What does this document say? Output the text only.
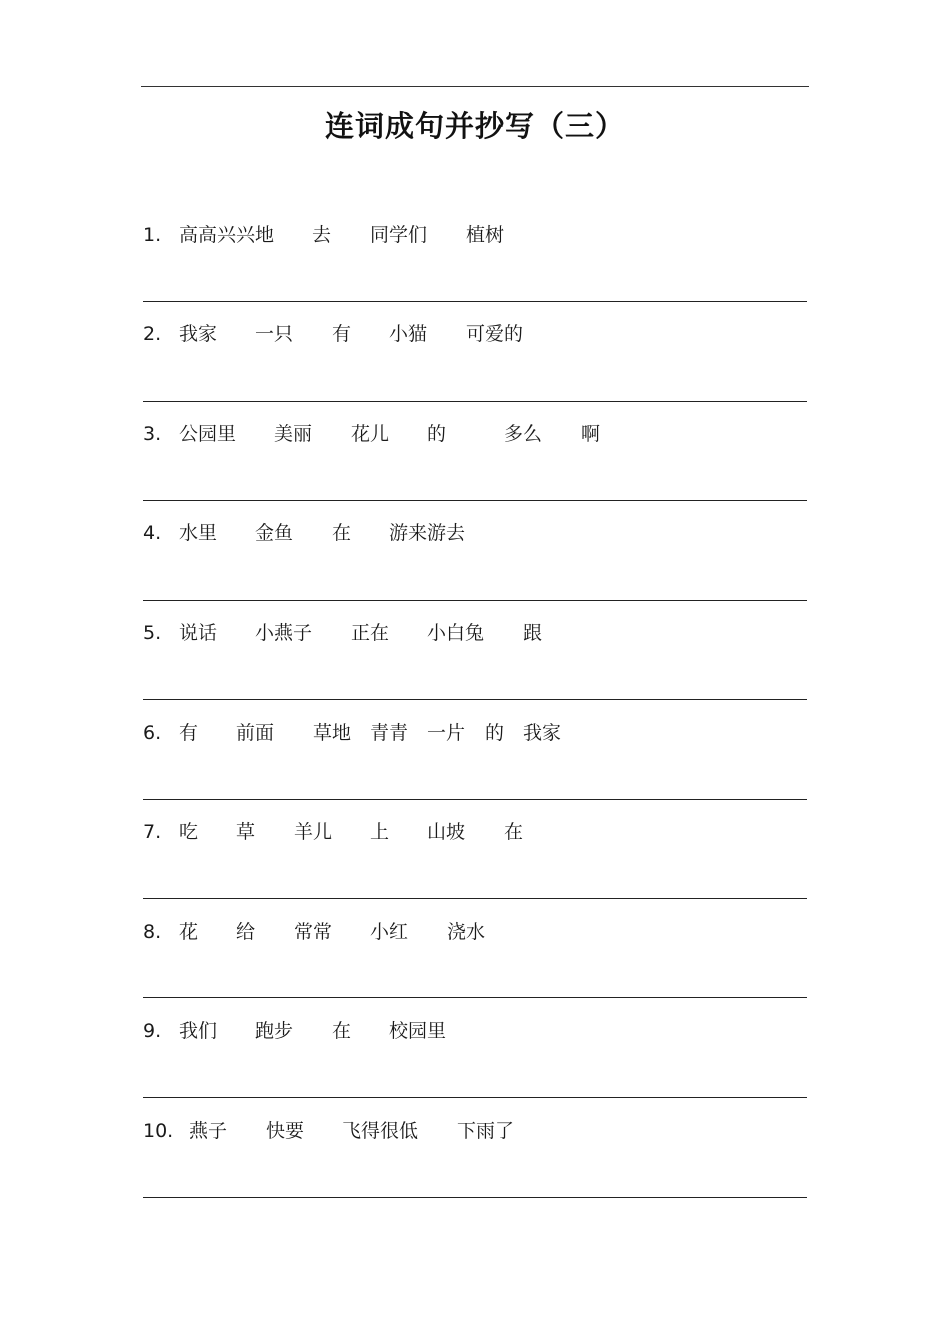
连词成句并抄写（三）
1. 高高兴兴地 去 同学们 植树
2. 我家 一只 有 小猫 可爱的
3. 公园里 美丽 花儿 的	多么 啊
4. 水里 金鱼 在 游来游去
5. 说话 小燕子 正在 小白兔 跟
6. 有 前面 草地 青青 一片 的 我家
7. 吃 草 羊儿 上 山坡 在
8. 花 给 常常 小红 浇水
9. 我们 跑步 在 校园里
10. 燕子 快要 飞得很低 下雨了
